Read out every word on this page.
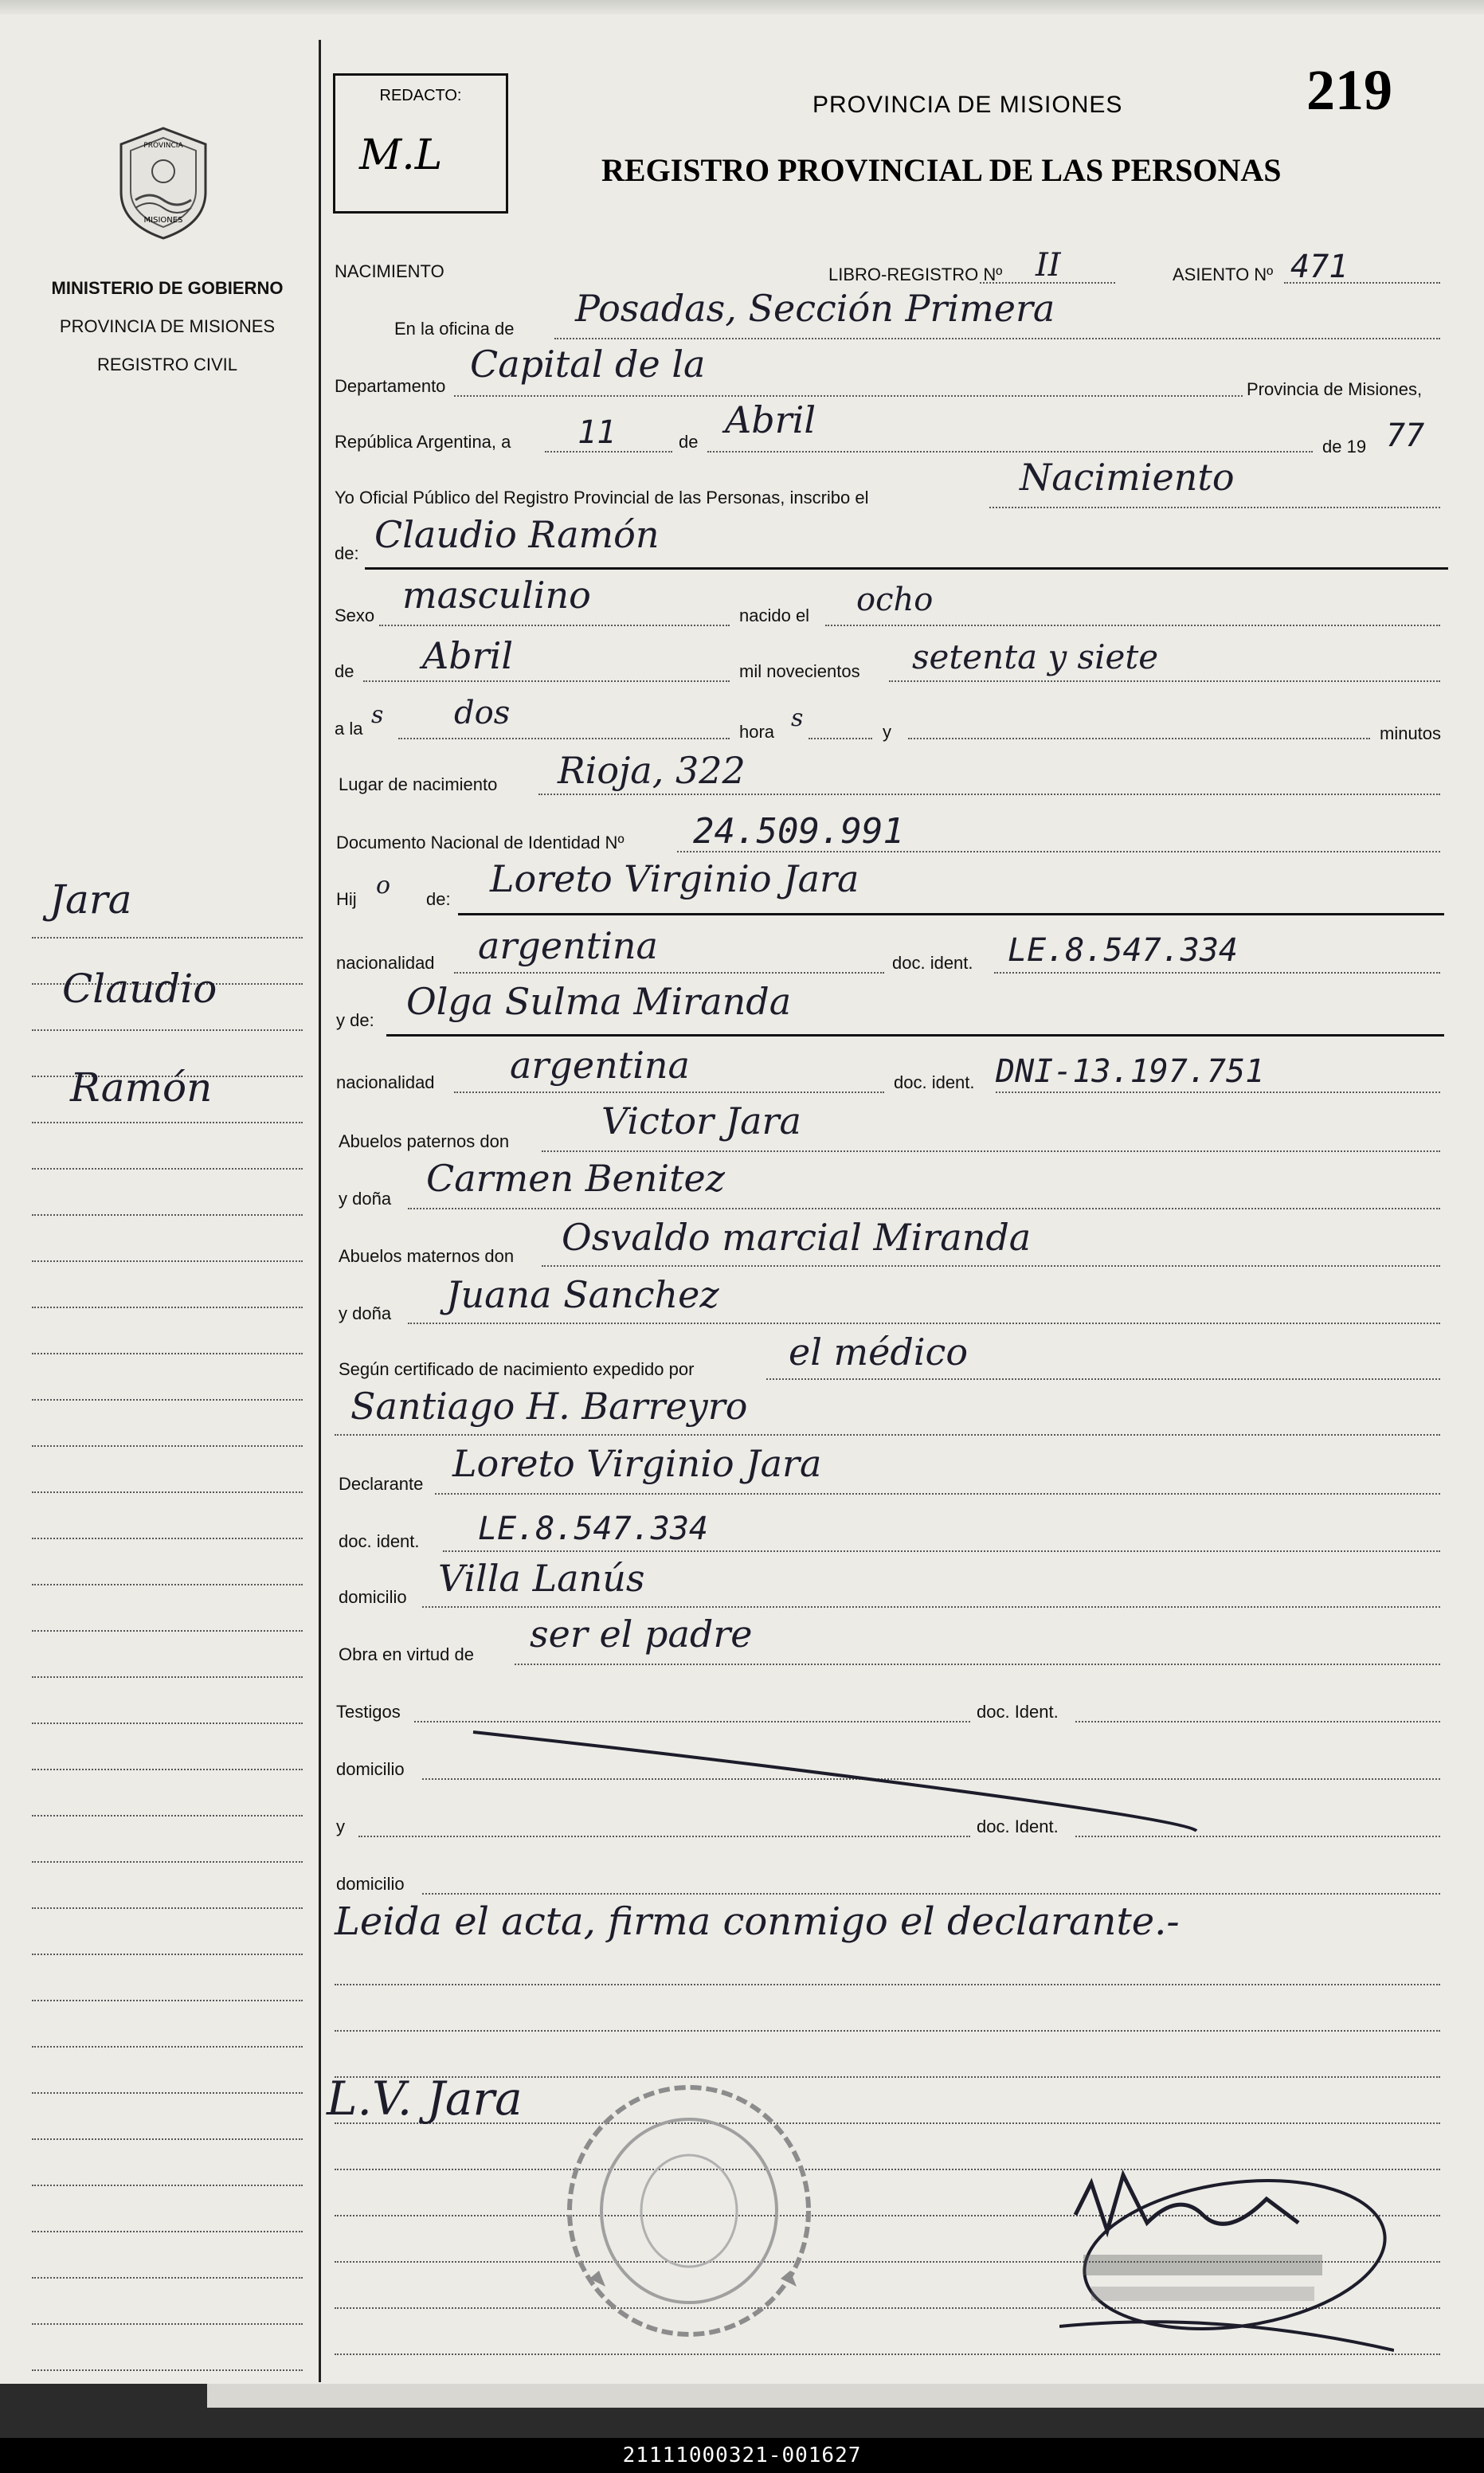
PROVINCIA
MISIONES
MINISTERIO DE GOBIERNO
PROVINCIA DE MISIONES
REGISTRO CIVIL
Jara
Claudio
Ramón
REDACTO:
M.L
PROVINCIA DE MISIONES	219
REGISTRO PROVINCIAL DE LAS PERSONAS
NACIMIENTO	LIBRO-REGISTRO Nº II	ASIENTO Nº 471
En la oficina de Posadas, Sección Primera
Departamento
Capital de la
Provincia de Misiones,
República Argentina, a 11	de
Abril
de 19 77
Yo Oficial Público del Registro Provincial de las Personas, inscribo el	Nacimiento
de: Claudio Ramón
Sexo masculino	nacido el ocho
de Abril	mil novecientos setenta y siete
a la s dos
hora s	y	minutos
Lugar de nacimiento Rioja, 322
Documento Nacional de Identidad Nº 24.509.991
Hij o de: Loreto Virginio Jara
nacionalidad argentina	doc. ident. LE.8.547.334
y de: Olga Sulma Miranda
nacionalidad argentina	doc. ident. DNI-13.197.751
Abuelos paternos don	Victor Jara
y doña Carmen Benitez
Abuelos maternos don Osvaldo marcial Miranda
y doña Juana Sanchez
Según certificado de nacimiento expedido por	el médico
Santiago H. Barreyro
Declarante Loreto Virginio Jara
doc. ident. LE.8.547.334
domicilio Villa Lanús
Obra en virtud de ser el padre
Testigos	doc. Ident.
domicilio
y	doc. Ident.
domicilio
Leida el acta, firma conmigo el declarante.-
L.V. Jara
21111000321-001627
